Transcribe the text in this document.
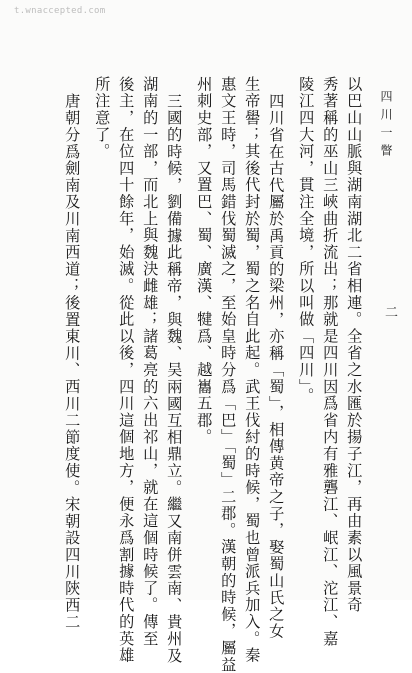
t.wnaccepted.com
四川一瞥
二
以巴山山脈與湖南湖北二省相連。全省之水匯於揚子江，再由素以風景奇
秀著稱的巫山三峽曲折流出；那就是四川因爲省内有雅礱江、岷江、沱江、嘉
陵江四大河，貫注全境，所以叫做「四川」。
四川省在古代屬於禹貢的梁州，亦稱「蜀」，相傳黄帝之子，娶蜀山氏之女
生帝嚳；其後代封於蜀，蜀之名自此起。武王伐紂的時候，蜀也曾派兵加入。秦
惠文王時，司馬錯伐蜀滅之，至始皇時分爲「巴」「蜀」二郡。漢朝的時候，屬益
州刺史部，又置巴、蜀、廣漢、犍爲、越巂五郡。
三國的時候，劉備據此稱帝，與魏、吴兩國互相鼎立。繼又南併雲南、貴州及
湖南的一部，而北上與魏決雌雄；諸葛亮的六出祁山，就在這個時候了。傳至
後主，在位四十餘年，始滅。從此以後，四川這個地方，便永爲割據時代的英雄
所注意了。
唐朝分爲劍南及川南西道；後置東川、西川二節度使。宋朝設四川陝西二
